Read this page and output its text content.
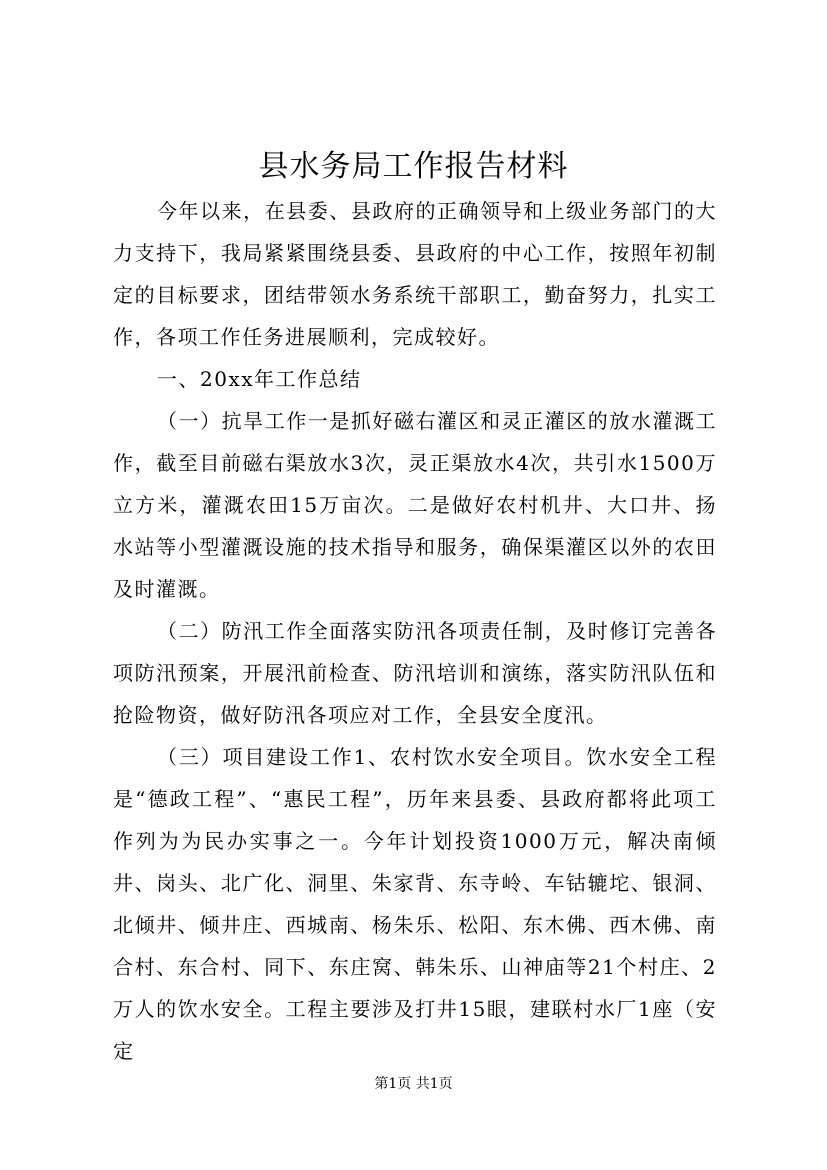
县水务局工作报告材料

今年以来，在县委、县政府的正确领导和上级业务部门的大力支持下，我局紧紧围绕县委、县政府的中心工作，按照年初制定的目标要求，团结带领水务系统干部职工，勤奋努力，扎实工作，各项工作任务进展顺利，完成较好。

一、20xx年工作总结

（一）抗旱工作一是抓好磁右灌区和灵正灌区的放水灌溉工作，截至目前磁右渠放水3次，灵正渠放水4次，共引水1500万立方米，灌溉农田15万亩次。二是做好农村机井、大口井、扬水站等小型灌溉设施的技术指导和服务，确保渠灌区以外的农田及时灌溉。

（二）防汛工作全面落实防汛各项责任制，及时修订完善各项防汛预案，开展汛前检查、防汛培训和演练，落实防汛队伍和抢险物资，做好防汛各项应对工作，全县安全度汛。

（三）项目建设工作1、农村饮水安全项目。饮水安全工程是“德政工程”、“惠民工程”，历年来县委、县政府都将此项工作列为为民办实事之一。今年计划投资1000万元，解决南倾井、岗头、北广化、洞里、朱家背、东寺岭、车钴辘坨、银洞、北倾井、倾井庄、西城南、杨朱乐、松阳、东木佛、西木佛、南合村、东合村、同下、东庄窝、韩朱乐、山神庙等21个村庄、2万人的饮水安全。工程主要涉及打井15眼，建联村水厂1座（安定

第1页 共1页
